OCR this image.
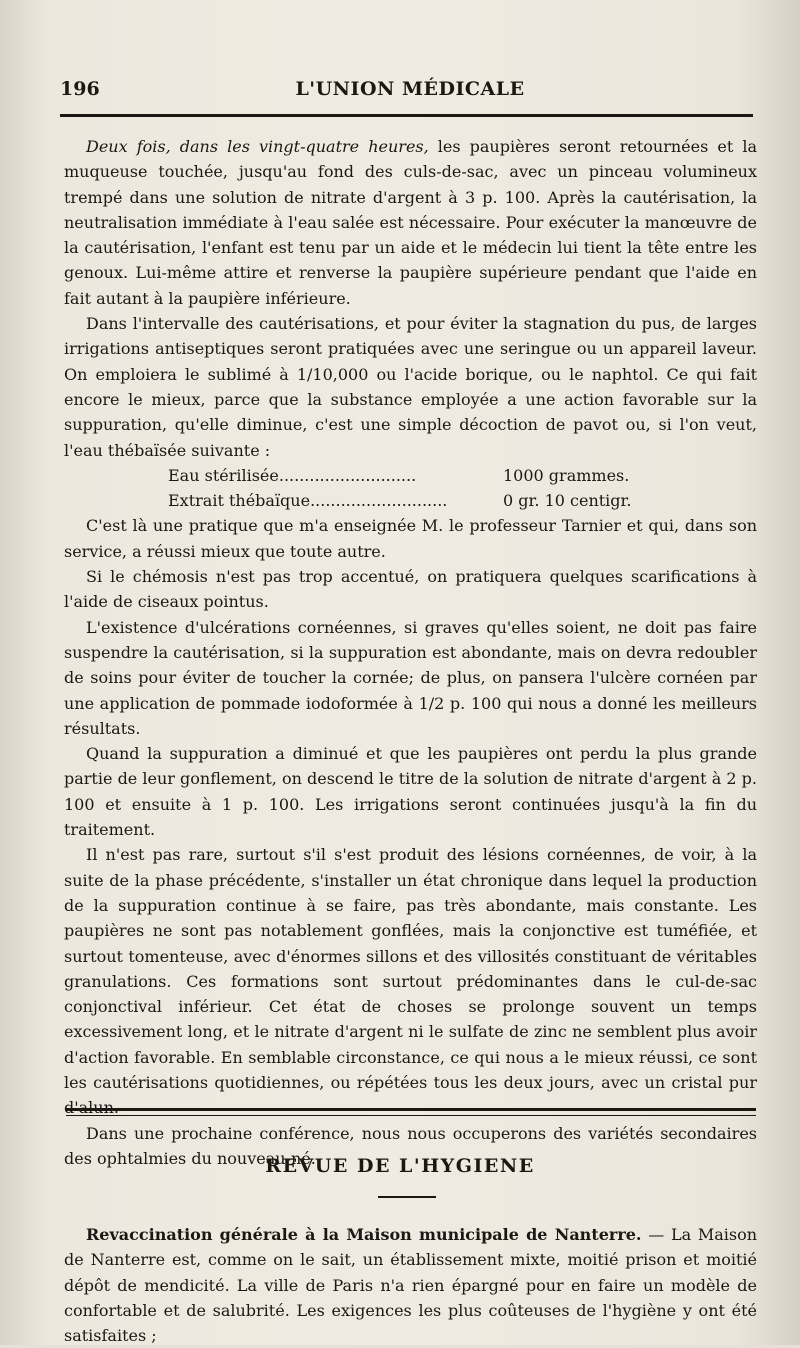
196	L'UNION MÉDICALE

Deux fois, dans les vingt-quatre heures, les paupières seront retournées et la muqueuse touchée, jusqu'au fond des culs-de-sac, avec un pinceau volumineux trempé dans une solution de nitrate d'argent à 3 p. 100. Après la cautérisation, la neutralisation immédiate à l'eau salée est nécessaire. Pour exécuter la manœuvre de la cautérisation, l'enfant est tenu par un aide et le médecin lui tient la tête entre les genoux. Lui-même attire et renverse la paupière supérieure pendant que l'aide en fait autant à la paupière inférieure.

Dans l'intervalle des cautérisations, et pour éviter la stagnation du pus, de larges irrigations antiseptiques seront pratiquées avec une seringue ou un appareil laveur. On emploiera le sublimé à 1/10,000 ou l'acide borique, ou le naphtol. Ce qui fait encore le mieux, parce que la substance employée a une action favorable sur la suppuration, qu'elle diminue, c'est une simple décoction de pavot ou, si l'on veut, l'eau thébaïsée suivante :

Eau stérilisée...........................	1000 grammes.
Extrait thébaïque...........................	0 gr. 10 centigr.

C'est là une pratique que m'a enseignée M. le professeur Tarnier et qui, dans son service, a réussi mieux que toute autre.

Si le chémosis n'est pas trop accentué, on pratiquera quelques scarifications à l'aide de ciseaux pointus.

L'existence d'ulcérations cornéennes, si graves qu'elles soient, ne doit pas faire suspendre la cautérisation, si la suppuration est abondante, mais on devra redoubler de soins pour éviter de toucher la cornée; de plus, on pansera l'ulcère cornéen par une application de pommade iodoformée à 1/2 p. 100 qui nous a donné les meilleurs résultats.

Quand la suppuration a diminué et que les paupières ont perdu la plus grande partie de leur gonflement, on descend le titre de la solution de nitrate d'argent à 2 p. 100 et ensuite à 1 p. 100. Les irrigations seront continuées jusqu'à la fin du traitement.

Il n'est pas rare, surtout s'il s'est produit des lésions cornéennes, de voir, à la suite de la phase précédente, s'installer un état chronique dans lequel la production de la suppuration continue à se faire, pas très abondante, mais constante. Les paupières ne sont pas notablement gonflées, mais la conjonctive est tuméfiée, et surtout tomenteuse, avec d'énormes sillons et des villosités constituant de véritables granulations. Ces formations sont surtout prédominantes dans le cul-de-sac conjonctival inférieur. Cet état de choses se prolonge souvent un temps excessivement long, et le nitrate d'argent ni le sulfate de zinc ne semblent plus avoir d'action favorable. En semblable circonstance, ce qui nous a le mieux réussi, ce sont les cautérisations quotidiennes, ou répétées tous les deux jours, avec un cristal pur d'alun.

Dans une prochaine conférence, nous nous occuperons des variétés secondaires des ophtalmies du nouveau-né.

REVUE DE L'HYGIENE

Revaccination générale à la Maison municipale de Nanterre. — La Maison de Nanterre est, comme on le sait, un établissement mixte, moitié prison et moitié dépôt de mendicité. La ville de Paris n'a rien épargné pour en faire un modèle de confortable et de salubrité. Les exigences les plus coûteuses de l'hygiène y ont été satisfaites ;
